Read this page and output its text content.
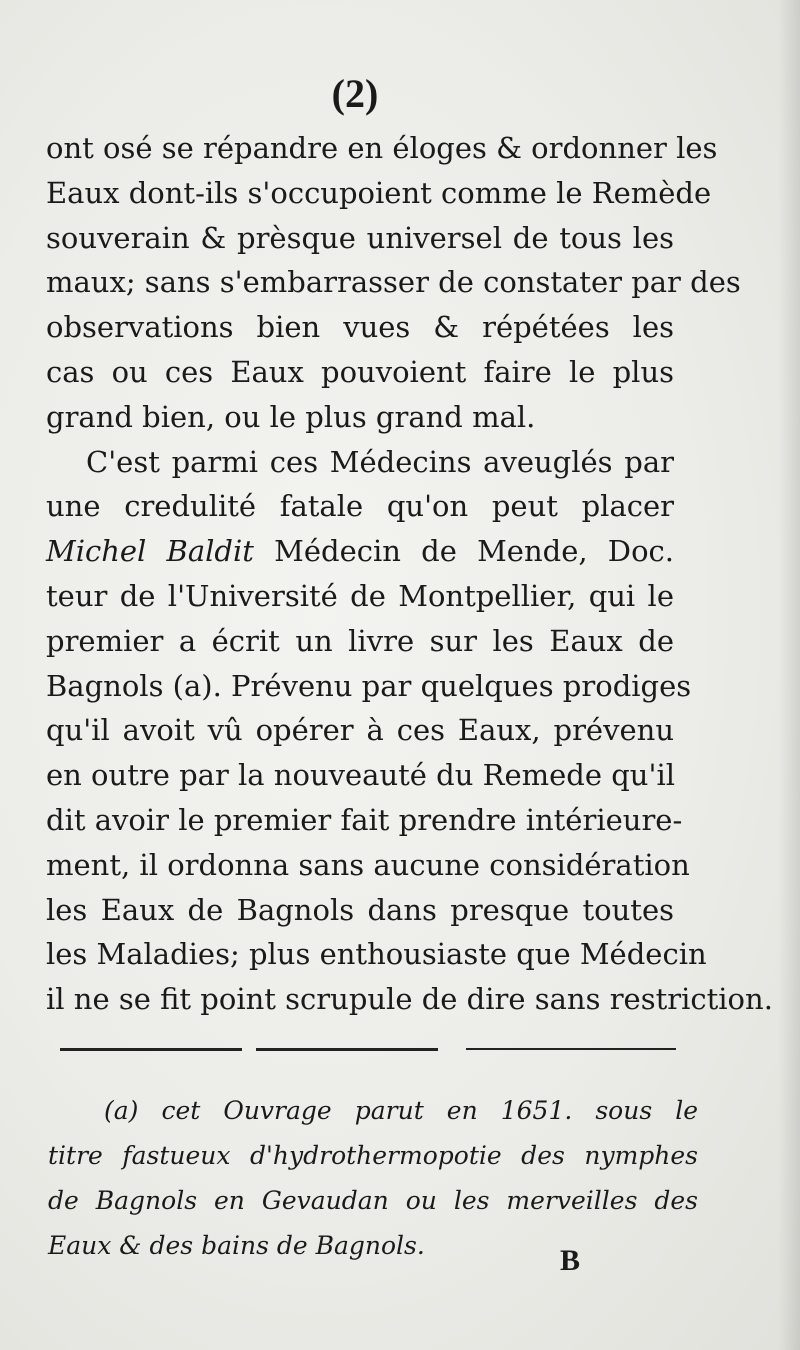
(2)
ont osé se répandre en éloges & ordonner les
Eaux dont-ils s'occupoient comme le Remède
souverain & prèsque universel de tous les
maux; sans s'embarrasser de constater par des
observations bien vues & répétées les
cas ou ces Eaux pouvoient faire le plus
grand bien, ou le plus grand mal.
C'est parmi ces Médecins aveuglés par
une credulité fatale qu'on peut placer
Michel Baldit Médecin de Mende, Doc.
teur de l'Université de Montpellier, qui le
premier a écrit un livre sur les Eaux de
Bagnols (a). Prévenu par quelques prodiges
qu'il avoit vû opérer à ces Eaux, prévenu
en outre par la nouveauté du Remede qu'il
dit avoir le premier fait prendre intérieure-
ment, il ordonna sans aucune considération
les Eaux de Bagnols dans presque toutes
les Maladies; plus enthousiaste que Médecin
il ne se fit point scrupule de dire sans restriction.
(a) cet Ouvrage parut en 1651. sous le
titre fastueux d'hydrothermopotie des nymphes
de Bagnols en Gevaudan ou les merveilles des
Eaux & des bains de Bagnols.	B
